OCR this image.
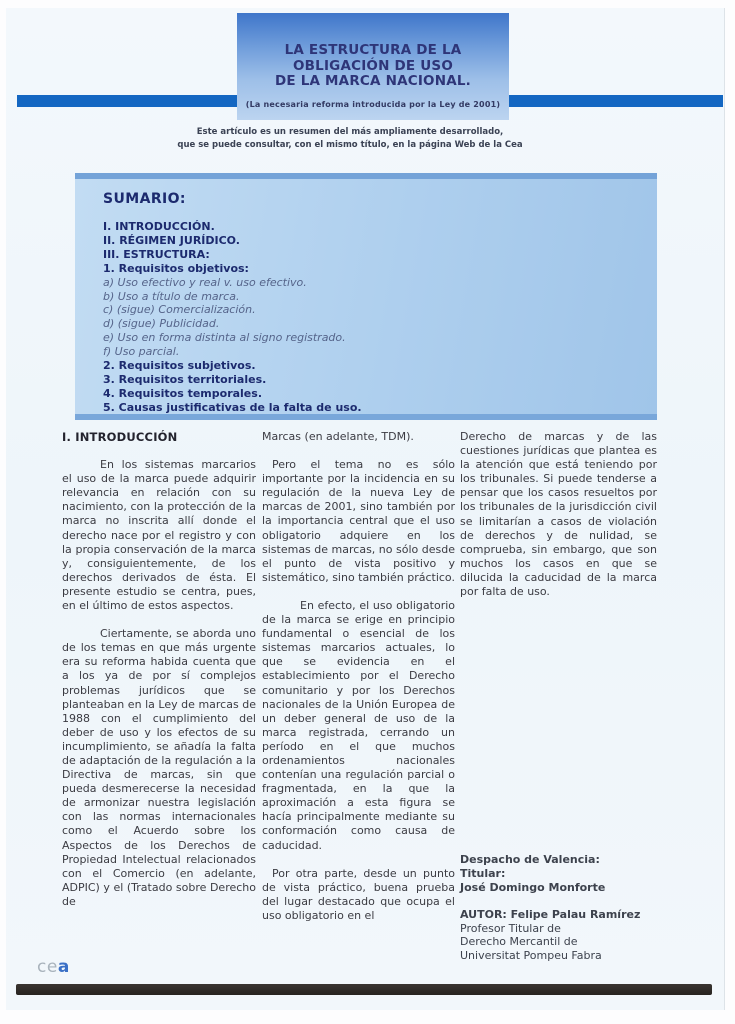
LA ESTRUCTURA DE LA
OBLIGACIÓN DE USO
DE LA MARCA NACIONAL.
(La necesaria reforma introducida por la Ley de 2001)
Este artículo es un resumen del más ampliamente desarrollado,
que se puede consultar, con el mismo título, en la página Web de la Cea
SUMARIO:
I. INTRODUCCIÓN.
II. RÉGIMEN JURÍDICO.
III. ESTRUCTURA:
1. Requisitos objetivos:
a) Uso efectivo y real v. uso efectivo.
b) Uso a título de marca.
c) (sigue) Comercialización.
d) (sigue) Publicidad.
e) Uso en forma distinta al signo registrado.
f) Uso parcial.
2. Requisitos subjetivos.
3. Requisitos territoriales.
4. Requisitos temporales.
5. Causas justificativas de la falta de uso.
I. INTRODUCCIÓN

En los sistemas marcarios el uso de la marca puede adquirir relevancia en relación con su nacimiento, con la protección de la marca no inscrita allí donde el derecho nace por el registro y con la propia conservación de la marca y, consiguientemente, de los derechos derivados de ésta. El presente estudio se centra, pues, en el último de estos aspectos.

Ciertamente, se aborda uno de los temas en que más urgente era su reforma habida cuenta que a los ya de por sí complejos problemas jurídicos que se planteaban en la Ley de marcas de 1988 con el cumplimiento del deber de uso y los efectos de su incumplimiento, se añadía la falta de adaptación de la regulación a la Directiva de marcas, sin que pueda desmerecerse la necesidad de armonizar nuestra legislación con las normas internacionales como el Acuerdo sobre los Aspectos de los Derechos de Propiedad Intelectual relacionados con el Comercio (en adelante, ADPIC) y el (Tratado sobre Derecho de

Marcas (en adelante, TDM).

Pero el tema no es sólo importante por la incidencia en su regulación de la nueva Ley de marcas de 2001, sino también por la importancia central que el uso obligatorio adquiere en los sistemas de marcas, no sólo desde el punto de vista positivo y sistemático, sino también práctico.

En efecto, el uso obligatorio de la marca se erige en principio fundamental o esencial de los sistemas marcarios actuales, lo que se evidencia en el establecimiento por el Derecho comunitario y por los Derechos nacionales de la Unión Europea de un deber general de uso de la marca registrada, cerrando un período en el que muchos ordenamientos nacionales contenían una regulación parcial o fragmentada, en la que la aproximación a esta figura se hacía principalmente mediante su conformación como causa de caducidad.

Por otra parte, desde un punto de vista práctico, buena prueba del lugar destacado que ocupa el uso obligatorio en el

Derecho de marcas y de las cuestiones jurídicas que plantea es la atención que está teniendo por los tribunales. Si puede tenderse a pensar que los casos resueltos por los tribunales de la jurisdicción civil se limitarían a casos de violación de derechos y de nulidad, se comprueba, sin embargo, que son muchos los casos en que se dilucida la caducidad de la marca por falta de uso.

Despacho de Valencia:
Titular:
José Domingo Monforte
AUTOR: Felipe Palau Ramírez
Profesor Titular de
Derecho Mercantil de
Universitat Pompeu Fabra
cea
